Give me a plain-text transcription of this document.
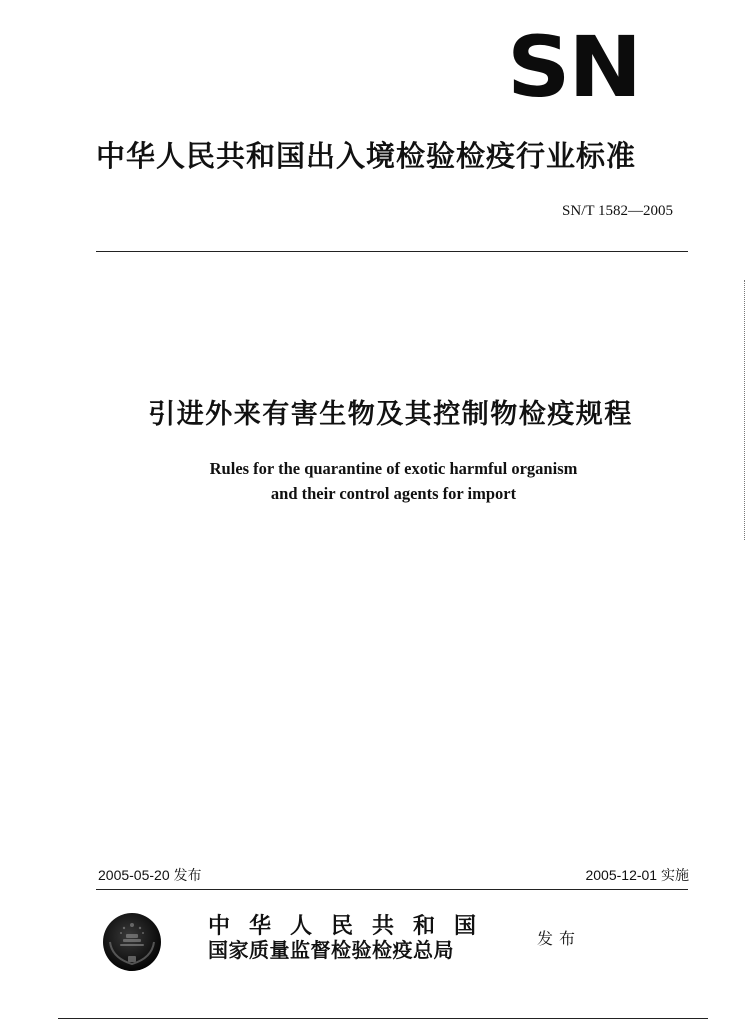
SN
中华人民共和国出入境检验检疫行业标准
SN/T 1582—2005
引进外来有害生物及其控制物检疫规程
Rules for the quarantine of exotic harmful organism
and their control agents for import
2005-05-20 发布	2005-12-01 实施
中华人民共和国
国家质量监督检验检疫总局	发布
